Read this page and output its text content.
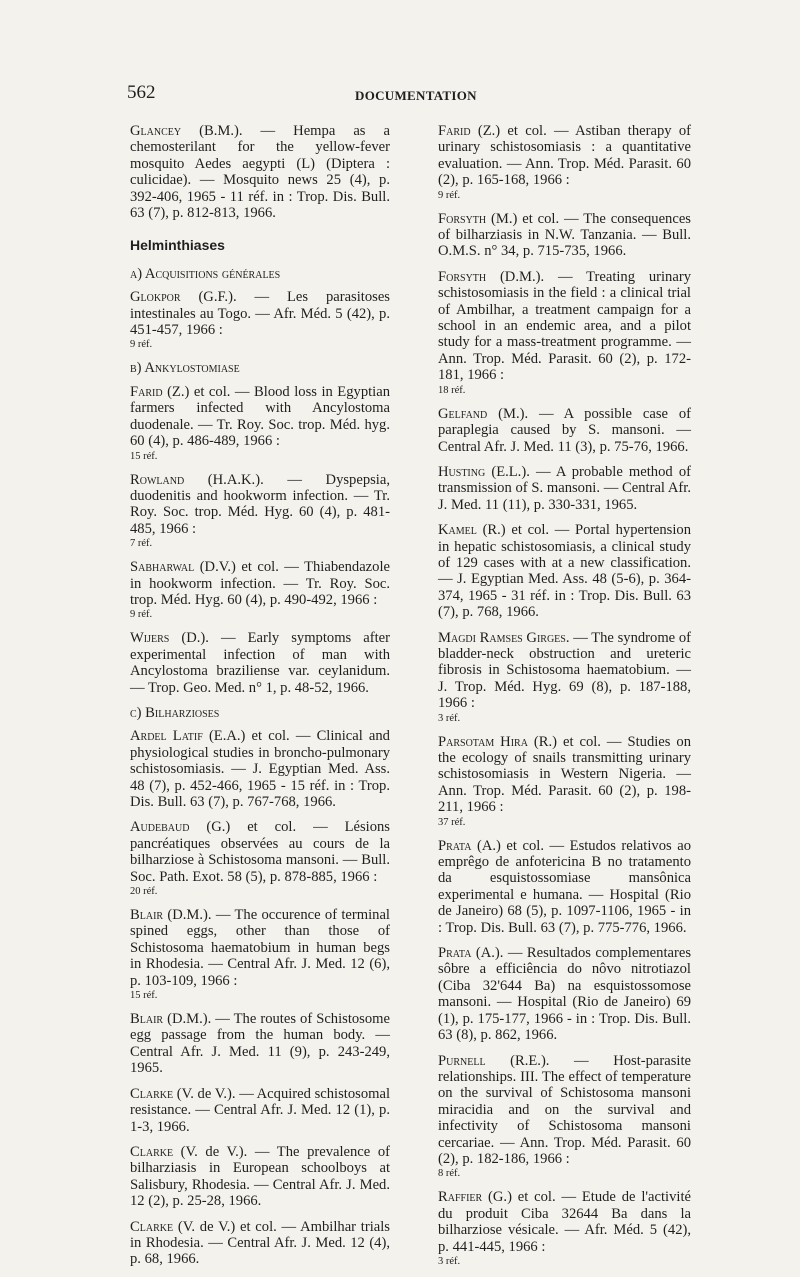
562	DOCUMENTATION

Glancey (B.M.). — Hempa as a chemosterilant for the yellow-fever mosquito Aedes aegypti (L) (Diptera : culicidae). — Mosquito news 25 (4), p. 392-406, 1965 - 11 réf. in : Trop. Dis. Bull. 63 (7), p. 812-813, 1966.

Helminthiases
a) Acquisitions générales

Glokpor (G.F.). — Les parasitoses intestinales au Togo. — Afr. Méd. 5 (42), p. 451-457, 1966 :
9 réf.

b) Ankylostomiase

Farid (Z.) et col. — Blood loss in Egyptian farmers infected with Ancylostoma duodenale. — Tr. Roy. Soc. trop. Méd. hyg. 60 (4), p. 486-489, 1966 :
15 réf.

Rowland (H.A.K.). — Dyspepsia, duodenitis and hookworm infection. — Tr. Roy. Soc. trop. Méd. Hyg. 60 (4), p. 481-485, 1966 :
7 réf.

Sabharwal (D.V.) et col. — Thiabendazole in hookworm infection. — Tr. Roy. Soc. trop. Méd. Hyg. 60 (4), p. 490-492, 1966 :
9 réf.

Wijers (D.). — Early symptoms after experimental infection of man with Ancylostoma braziliense var. ceylanidum. — Trop. Geo. Med. n° 1, p. 48-52, 1966.

c) Bilharzioses

Ardel Latif (E.A.) et col. — Clinical and physiological studies in broncho-pulmonary schistosomiasis. — J. Egyptian Med. Ass. 48 (7), p. 452-466, 1965 - 15 réf. in : Trop. Dis. Bull. 63 (7), p. 767-768, 1966.

Audebaud (G.) et col. — Lésions pancréatiques observées au cours de la bilharziose à Schistosoma mansoni. — Bull. Soc. Path. Exot. 58 (5), p. 878-885, 1966 :
20 réf.

Blair (D.M.). — The occurence of terminal spined eggs, other than those of Schistosoma haematobium in human begs in Rhodesia. — Central Afr. J. Med. 12 (6), p. 103-109, 1966 :
15 réf.

Blair (D.M.). — The routes of Schistosome egg passage from the human body. — Central Afr. J. Med. 11 (9), p. 243-249, 1965.

Clarke (V. de V.). — Acquired schistosomal resistance. — Central Afr. J. Med. 12 (1), p. 1-3, 1966.

Clarke (V. de V.). — The prevalence of bilharziasis in European schoolboys at Salisbury, Rhodesia. — Central Afr. J. Med. 12 (2), p. 25-28, 1966.

Clarke (V. de V.) et col. — Ambilhar trials in Rhodesia. — Central Afr. J. Med. 12 (4), p. 68, 1966.

Farid (Z.) et col. — Astiban therapy of urinary schistosomiasis : a quantitative evaluation. — Ann. Trop. Méd. Parasit. 60 (2), p. 165-168, 1966 :
9 réf.

Forsyth (M.) et col. — The consequences of bilharziasis in N.W. Tanzania. — Bull. O.M.S. n° 34, p. 715-735, 1966.

Forsyth (D.M.). — Treating urinary schistosomiasis in the field : a clinical trial of Ambilhar, a treatment campaign for a school in an endemic area, and a pilot study for a mass-treatment programme. — Ann. Trop. Méd. Parasit. 60 (2), p. 172-181, 1966 :
18 réf.

Gelfand (M.). — A possible case of paraplegia caused by S. mansoni. — Central Afr. J. Med. 11 (3), p. 75-76, 1966.

Husting (E.L.). — A probable method of transmission of S. mansoni. — Central Afr. J. Med. 11 (11), p. 330-331, 1965.

Kamel (R.) et col. — Portal hypertension in hepatic schistosomiasis, a clinical study of 129 cases with at a new classification. — J. Egyptian Med. Ass. 48 (5-6), p. 364-374, 1965 - 31 réf. in : Trop. Dis. Bull. 63 (7), p. 768, 1966.

Magdi Ramses Girges. — The syndrome of bladder-neck obstruction and ureteric fibrosis in Schistosoma haematobium. — J. Trop. Méd. Hyg. 69 (8), p. 187-188, 1966 :
3 réf.

Parsotam Hira (R.) et col. — Studies on the ecology of snails transmitting urinary schistosomiasis in Western Nigeria. — Ann. Trop. Méd. Parasit. 60 (2), p. 198-211, 1966 :
37 réf.

Prata (A.) et col. — Estudos relativos ao emprêgo de anfotericina B no tratamento da esquistossomiase mansônica experimental e humana. — Hospital (Rio de Janeiro) 68 (5), p. 1097-1106, 1965 - in : Trop. Dis. Bull. 63 (7), p. 775-776, 1966.

Prata (A.). — Resultados complementares sôbre a efficiência do nôvo nitrotiazol (Ciba 32'644 Ba) na esquistossomose mansoni. — Hospital (Rio de Janeiro) 69 (1), p. 175-177, 1966 - in : Trop. Dis. Bull. 63 (8), p. 862, 1966.

Purnell (R.E.). — Host-parasite relationships. III. The effect of temperature on the survival of Schistosoma mansoni miracidia and on the survival and infectivity of Schistosoma mansoni cercariae. — Ann. Trop. Méd. Parasit. 60 (2), p. 182-186, 1966 :
8 réf.

Raffier (G.) et col. — Etude de l'activité du produit Ciba 32644 Ba dans la bilharziose vésicale. — Afr. Méd. 5 (42), p. 441-445, 1966 :
3 réf.
